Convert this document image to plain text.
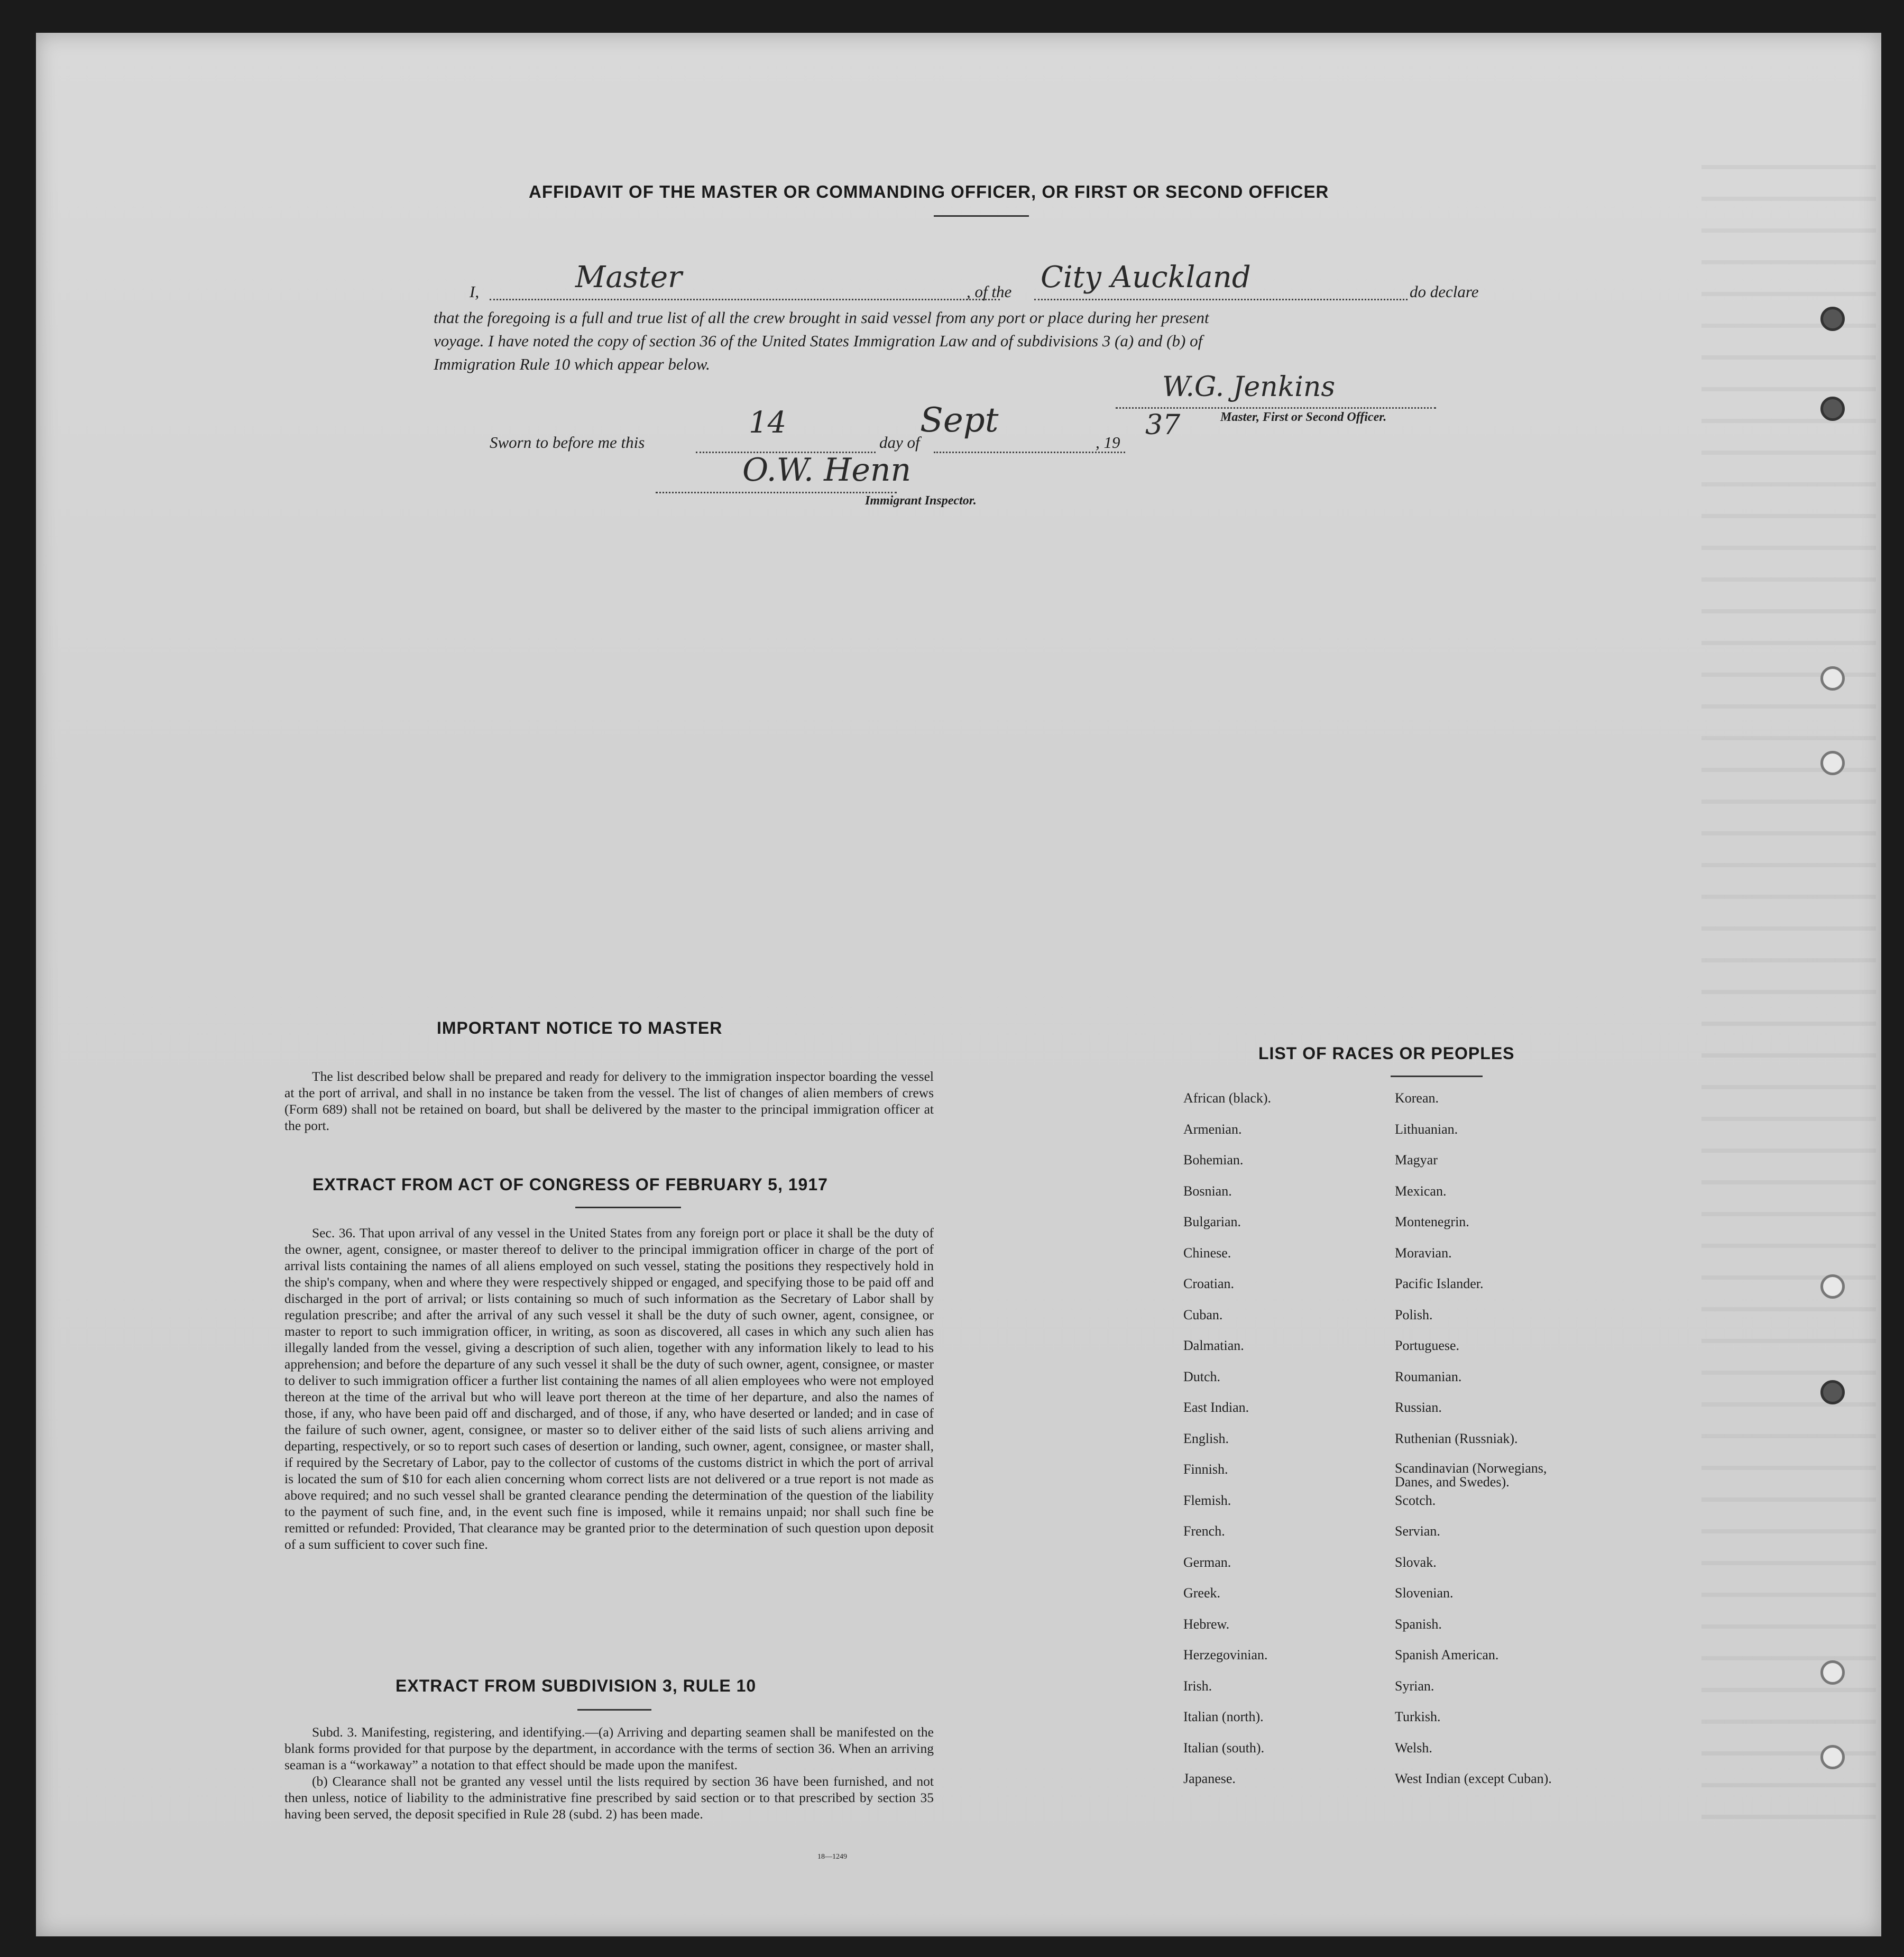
AFFIDAVIT OF THE MASTER OR COMMANDING OFFICER, OR FIRST OR SECOND OFFICER
I,	Master	, of the City Auckland	do declare
that the foregoing is a full and true list of all the crew brought in said vessel from any port or place during her present
voyage. I have noted the copy of section 36 of the United States Immigration Law and of subdivisions 3 (a) and (b) of
Immigration Rule 10 which appear below.
W.G. Jenkins
Master, First or Second Officer.
Sworn to before me this
14
day of
Sept
, 19
37
O.W. Henn
Immigrant Inspector.
IMPORTANT NOTICE TO MASTER

The list described below shall be prepared and ready for delivery to the immigration inspector boarding the vessel at the port of arrival, and shall in no instance be taken from the vessel. The list of changes of alien members of crews (Form 689) shall not be retained on board, but shall be delivered by the master to the principal immigration officer at the port.

EXTRACT FROM ACT OF CONGRESS OF FEBRUARY 5, 1917

Sec. 36. That upon arrival of any vessel in the United States from any foreign port or place it shall be the duty of the owner, agent, consignee, or master thereof to deliver to the principal immigration officer in charge of the port of arrival lists containing the names of all aliens employed on such vessel, stating the positions they respectively hold in the ship's company, when and where they were respectively shipped or engaged, and specifying those to be paid off and discharged in the port of arrival; or lists containing so much of such information as the Secretary of Labor shall by regulation prescribe; and after the arrival of any such vessel it shall be the duty of such owner, agent, consignee, or master to report to such immigration officer, in writing, as soon as discovered, all cases in which any such alien has illegally landed from the vessel, giving a description of such alien, together with any information likely to lead to his apprehension; and before the departure of any such vessel it shall be the duty of such owner, agent, consignee, or master to deliver to such immigration officer a further list containing the names of all alien employees who were not employed thereon at the time of the arrival but who will leave port thereon at the time of her departure, and also the names of those, if any, who have been paid off and discharged, and of those, if any, who have deserted or landed; and in case of the failure of such owner, agent, consignee, or master so to deliver either of the said lists of such aliens arriving and departing, respectively, or so to report such cases of desertion or landing, such owner, agent, consignee, or master shall, if required by the Secretary of Labor, pay to the collector of customs of the customs district in which the port of arrival is located the sum of $10 for each alien concerning whom correct lists are not delivered or a true report is not made as above required; and no such vessel shall be granted clearance pending the determination of the question of the liability to the payment of such fine, and, in the event such fine is imposed, while it remains unpaid; nor shall such fine be remitted or refunded: Provided, That clearance may be granted prior to the determination of such question upon deposit of a sum sufficient to cover such fine.

EXTRACT FROM SUBDIVISION 3, RULE 10

Subd. 3. Manifesting, registering, and identifying.—(a) Arriving and departing seamen shall be manifested on the blank forms provided for that purpose by the department, in accordance with the terms of section 36. When an arriving seaman is a “workaway” a notation to that effect should be made upon the manifest.

(b) Clearance shall not be granted any vessel until the lists required by section 36 have been furnished, and not then unless, notice of liability to the administrative fine prescribed by said section or to that prescribed by section 35 having been served, the deposit specified in Rule 28 (subd. 2) has been made.

18—1249
LIST OF RACES OR PEOPLES
African (black).
Armenian.
Bohemian.
Bosnian.
Bulgarian.
Chinese.
Croatian.
Cuban.
Dalmatian.
Dutch.
East Indian.
English.
Finnish.
Flemish.
French.
German.
Greek.
Hebrew.
Herzegovinian.
Irish.
Italian (north).
Italian (south).
Japanese.
Korean.
Lithuanian.
Magyar
Mexican.
Montenegrin.
Moravian.
Pacific Islander.
Polish.
Portuguese.
Roumanian.
Russian.
Ruthenian (Russniak).
Scandinavian (Norwegians, Danes, and Swedes).
Scotch.
Servian.
Slovak.
Slovenian.
Spanish.
Spanish American.
Syrian.
Turkish.
Welsh.
West Indian (except Cuban).
